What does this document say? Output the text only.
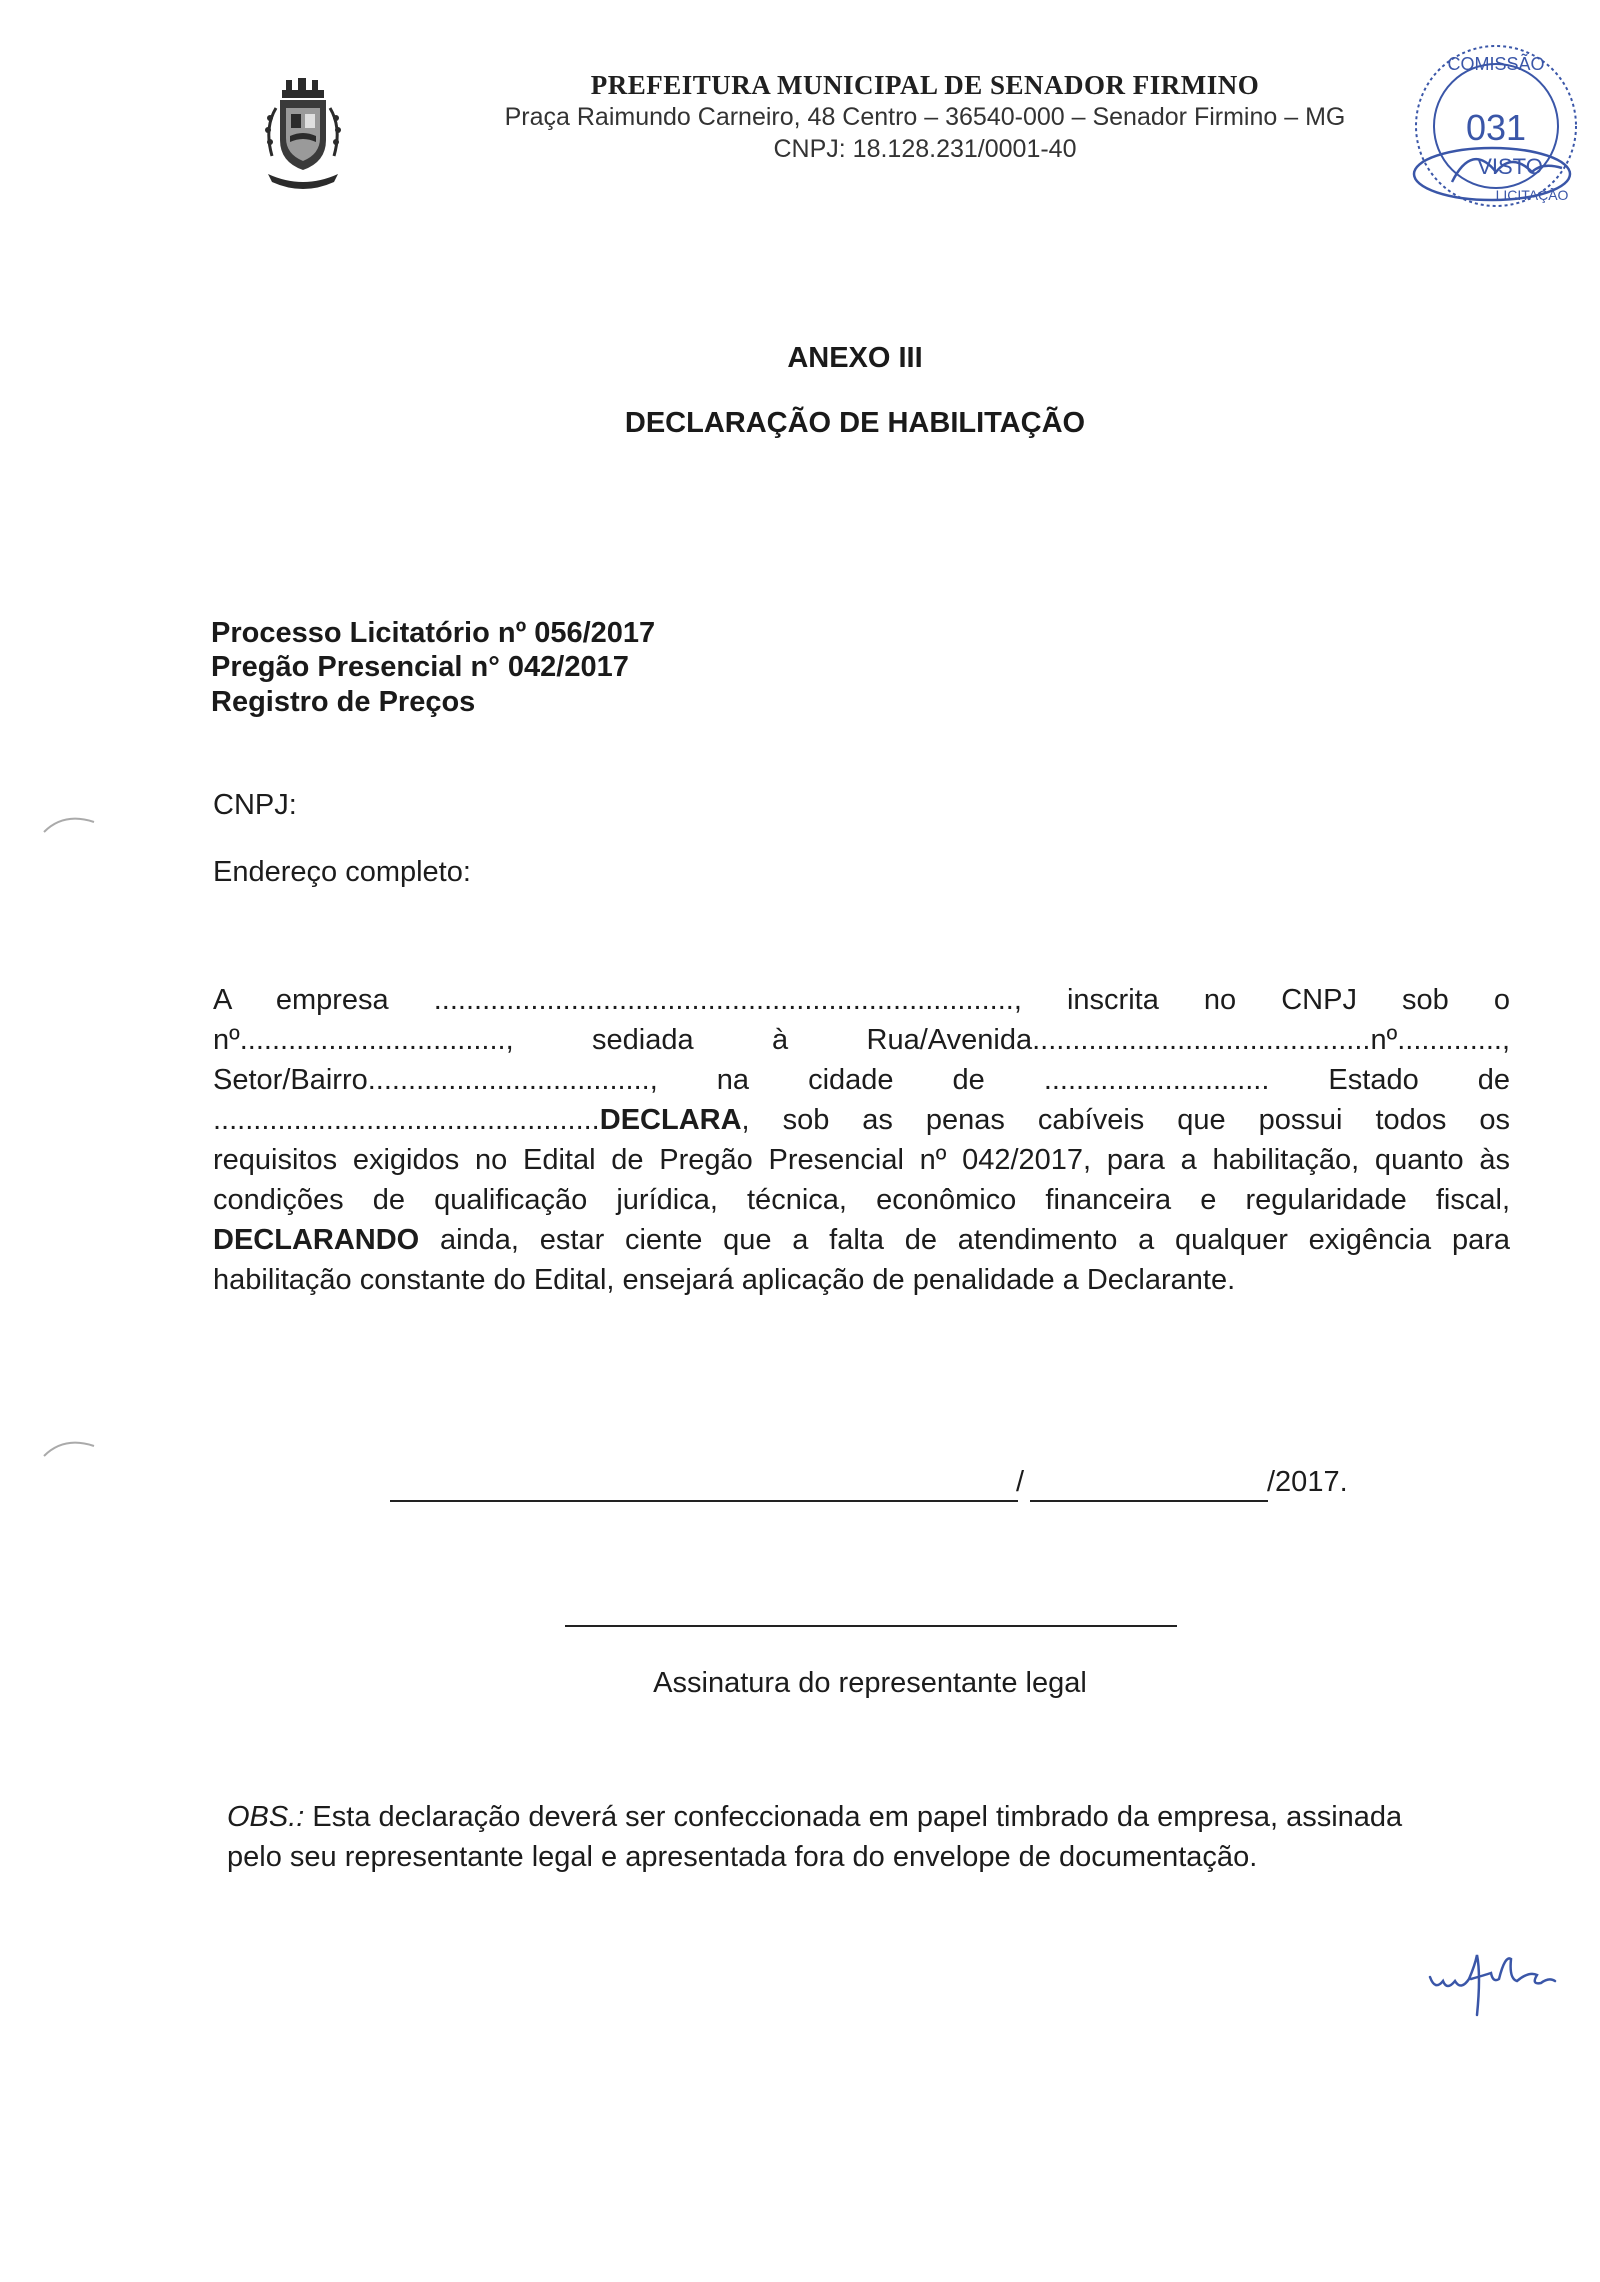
PREFEITURA MUNICIPAL DE SENADOR FIRMINO
Praça Raimundo Carneiro, 48 Centro – 36540-000 – Senador Firmino – MG
CNPJ: 18.128.231/0001-40
COMISSÃO
031
VISTO
LICITAÇÃO
ANEXO III
DECLARAÇÃO DE HABILITAÇÃO
Processo Licitatório nº 056/2017
Pregão Presencial n° 042/2017
Registro de Preços
CNPJ:
Endereço completo:
A empresa ........................................................................, inscrita no CNPJ sob o
nº................................., sediada à Rua/Avenida..........................................nº.............,
Setor/Bairro..................................., na cidade de ............................ Estado de
................................................DECLARA, sob as penas cabíveis que possui todos os
requisitos exigidos no Edital de Pregão Presencial nº 042/2017, para a habilitação, quanto às
condições de qualificação jurídica, técnica, econômico financeira e regularidade fiscal,
DECLARANDO ainda, estar ciente que a falta de atendimento a qualquer exigência para
habilitação constante do Edital, ensejará aplicação de penalidade a Declarante.
/	/2017.
Assinatura do representante legal
OBS.: Esta declaração deverá ser confeccionada em papel timbrado da empresa, assinada
pelo seu representante legal e apresentada fora do envelope de documentação.
